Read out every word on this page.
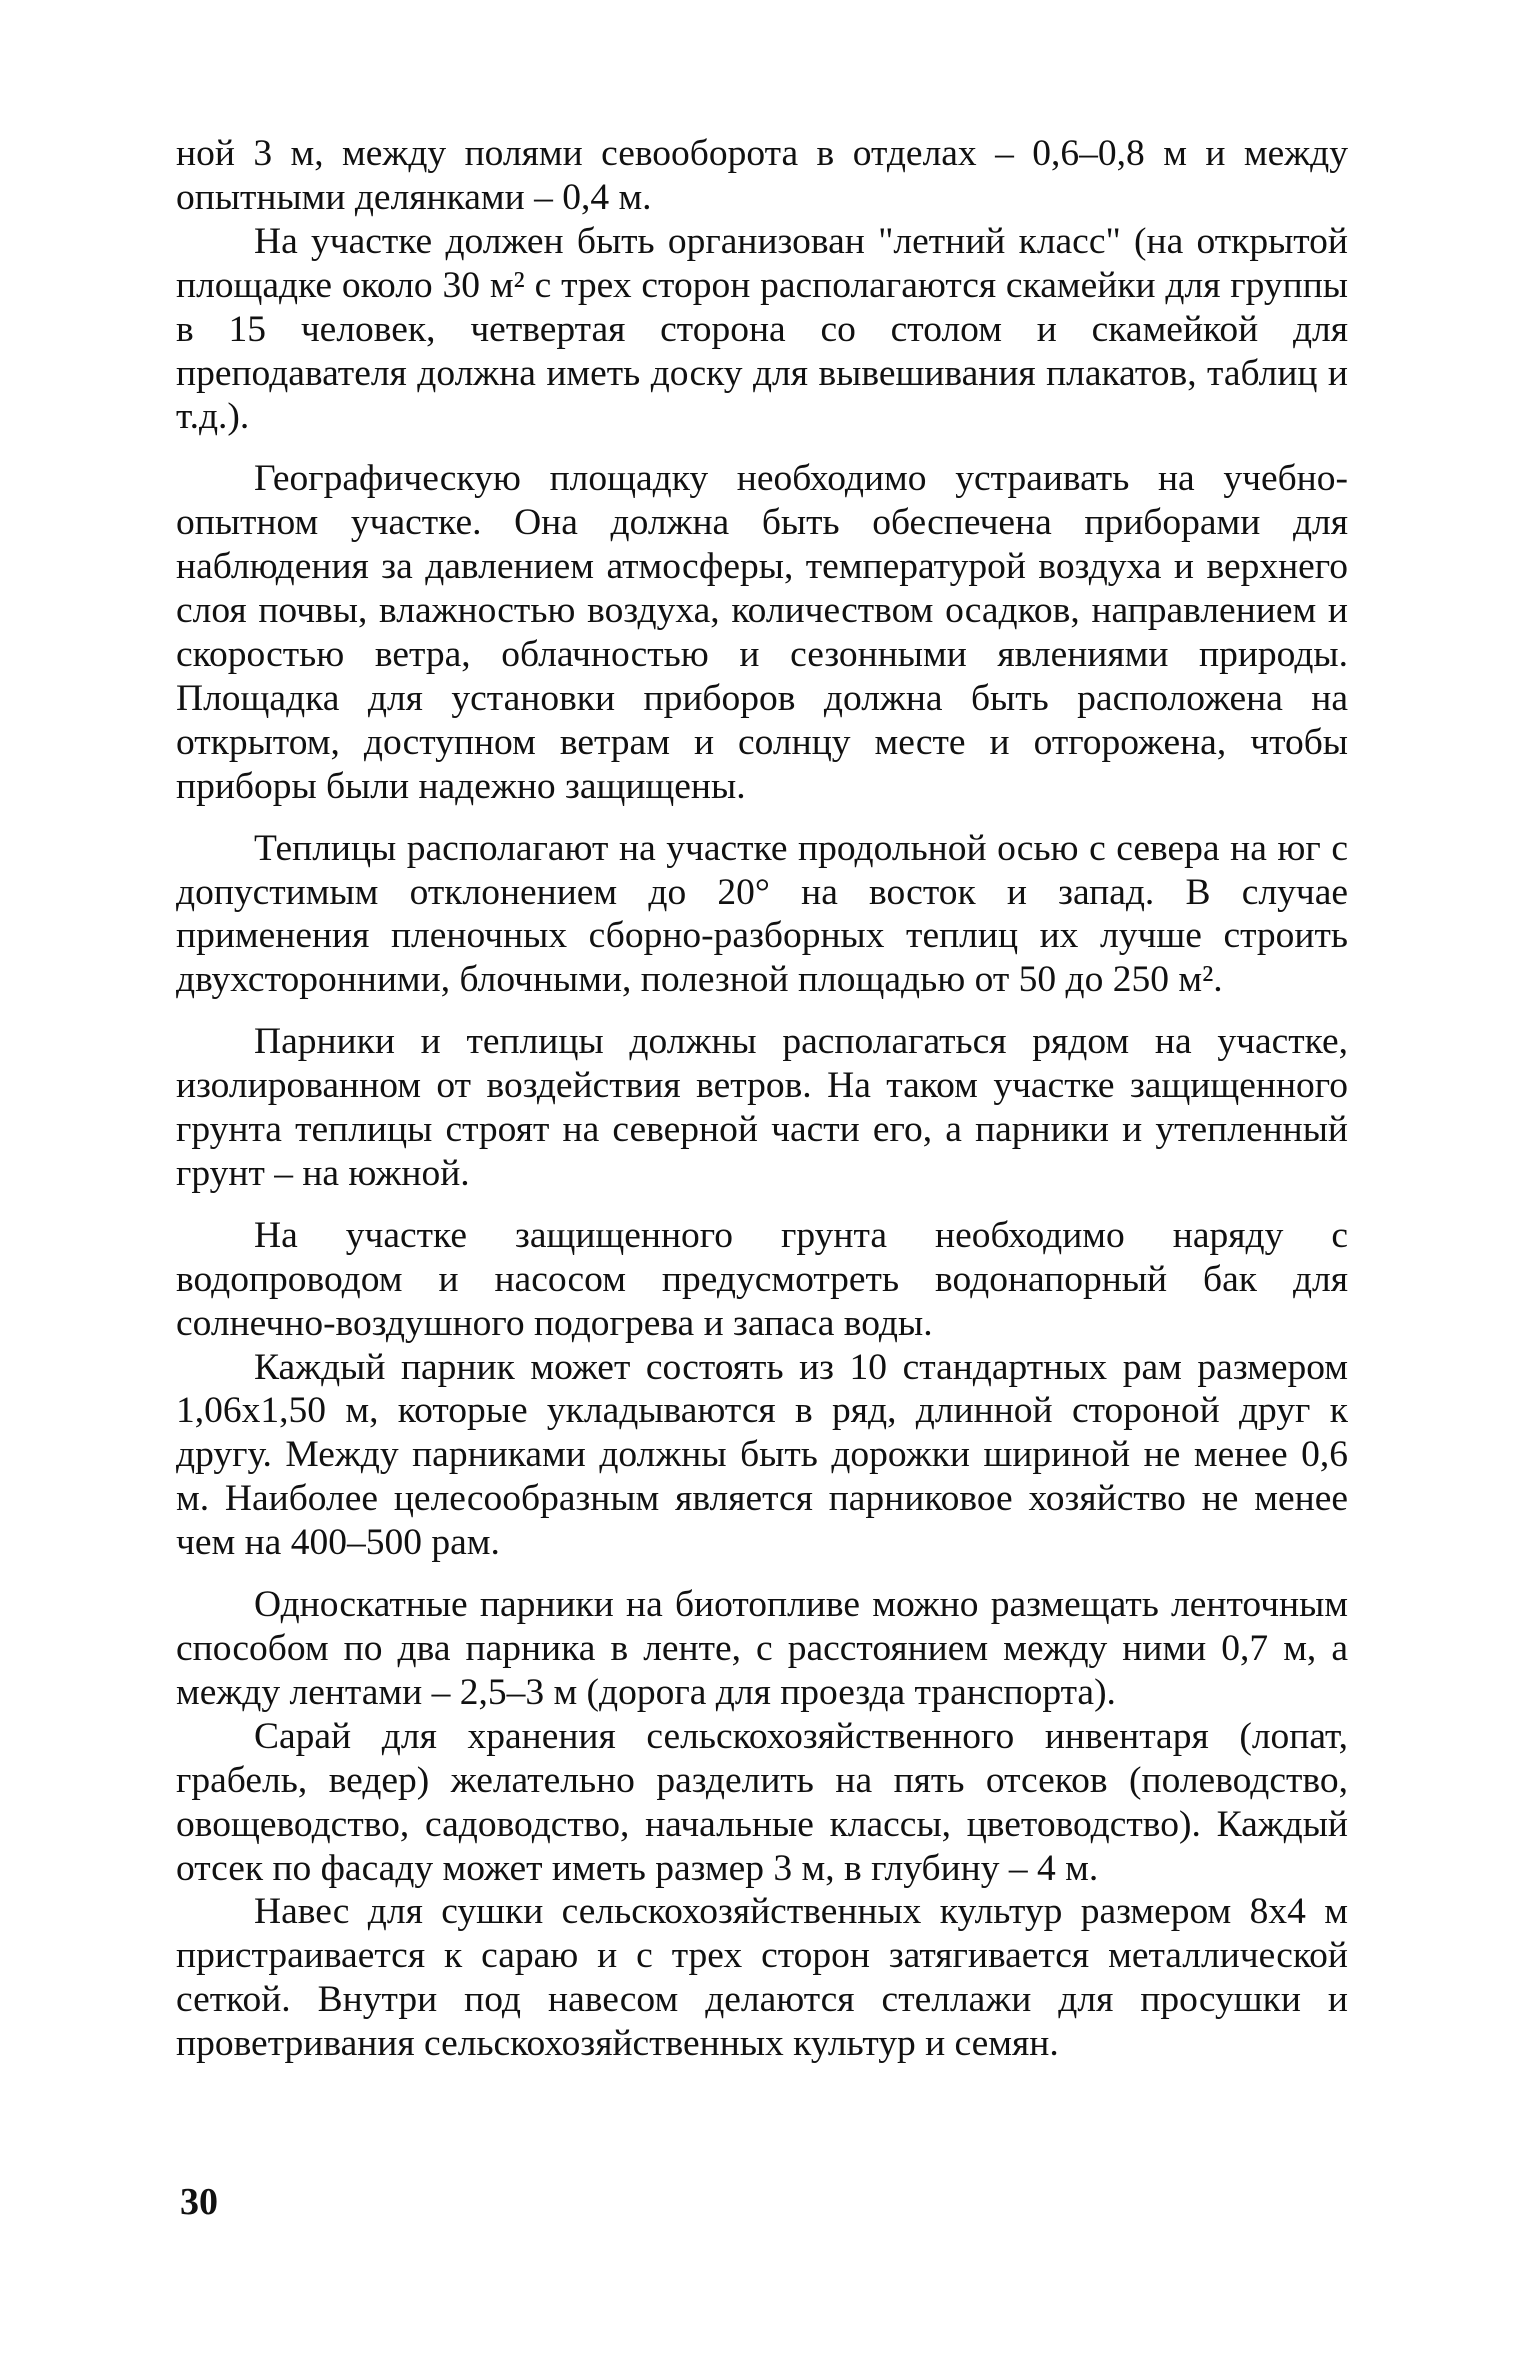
ной 3 м, между полями севооборота в отделах – 0,6–0,8 м и между опытными делянками – 0,4 м.

На участке должен быть организован "летний класс" (на открытой площадке около 30 м² с трех сторон располагаются скамейки для группы в 15 человек, четвертая сторона со столом и скамейкой для преподавателя должна иметь доску для вывешивания плакатов, таблиц и т.д.).

Географическую площадку необходимо устраивать на учебно-опытном участке. Она должна быть обеспечена приборами для наблюдения за давлением атмосферы, температурой воздуха и верхнего слоя почвы, влажностью воздуха, количеством осадков, направлением и скоростью ветра, облачностью и сезонными явлениями природы. Площадка для установки приборов должна быть расположена на открытом, доступном ветрам и солнцу месте и отгорожена, чтобы приборы были надежно защищены.

Теплицы располагают на участке продольной осью с севера на юг с допустимым отклонением до 20° на восток и запад. В случае применения пленочных сборно-разборных теплиц их лучше строить двухсторонними, блочными, полезной площадью от 50 до 250 м².

Парники и теплицы должны располагаться рядом на участке, изолированном от воздействия ветров. На таком участке защищенного грунта теплицы строят на северной части его, а парники и утепленный грунт – на южной.

На участке защищенного грунта необходимо наряду с водопроводом и насосом предусмотреть водонапорный бак для солнечно-воздушного подогрева и запаса воды.

Каждый парник может состоять из 10 стандартных рам размером 1,06x1,50 м, которые укладываются в ряд, длинной стороной друг к другу. Между парниками должны быть дорожки шириной не менее 0,6 м. Наиболее целесообразным является парниковое хозяйство не менее чем на 400–500 рам.

Односкатные парники на биотопливе можно размещать ленточным способом по два парника в ленте, с расстоянием между ними 0,7 м, а между лентами – 2,5–3 м (дорога для проезда транспорта).

Сарай для хранения сельскохозяйственного инвентаря (лопат, грабель, ведер) желательно разделить на пять отсеков (полеводство, овощеводство, садоводство, начальные классы, цветоводство). Каждый отсек по фасаду может иметь размер 3 м, в глубину – 4 м.

Навес для сушки сельскохозяйственных культур размером 8x4 м пристраивается к сараю и с трех сторон затягивается металлической сеткой. Внутри под навесом делаются стеллажи для просушки и проветривания сельскохозяйственных культур и семян.

30
